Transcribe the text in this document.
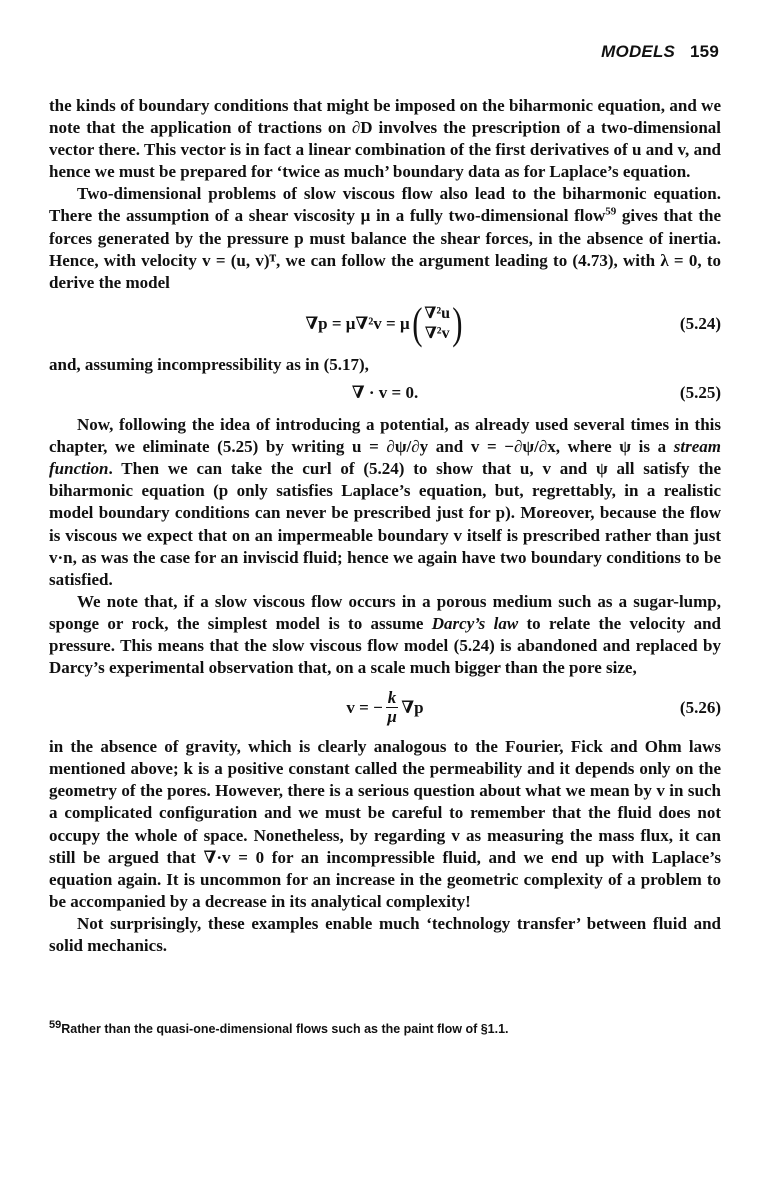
MODELS 159

the kinds of boundary conditions that might be imposed on the biharmonic equation, and we note that the application of tractions on ∂D involves the prescription of a two-dimensional vector there. This vector is in fact a linear combination of the first derivatives of u and v, and hence we must be prepared for ‘twice as much’ boundary data as for Laplace’s equation.

Two-dimensional problems of slow viscous flow also lead to the biharmonic equation. There the assumption of a shear viscosity μ in a fully two-dimensional flow$^{59}$ gives that the forces generated by the pressure p must balance the shear forces, in the absence of inertia. Hence, with velocity v = (u, v)ᵀ, we can follow the argument leading to (4.73), with λ = 0, to derive the model

∇p = μ∇²v = μ ( ∇²u
∇²v )	(5.24)

and, assuming incompressibility as in (5.17),

∇ · v = 0.	(5.25)

Now, following the idea of introducing a potential, as already used several times in this chapter, we eliminate (5.25) by writing u = ∂ψ/∂y and v = −∂ψ/∂x, where ψ is a stream function. Then we can take the curl of (5.24) to show that u, v and ψ all satisfy the biharmonic equation (p only satisfies Laplace’s equation, but, regrettably, in a realistic model boundary conditions can never be prescribed just for p). Moreover, because the flow is viscous we expect that on an impermeable boundary v itself is prescribed rather than just v·n, as was the case for an inviscid fluid; hence we again have two boundary conditions to be satisfied.

We note that, if a slow viscous flow occurs in a porous medium such as a sugar-lump, sponge or rock, the simplest model is to assume Darcy’s law to relate the velocity and pressure. This means that the slow viscous flow model (5.24) is abandoned and replaced by Darcy’s experimental observation that, on a scale much bigger than the pore size,

v = − $\frac{k}{\mu} \nabla p$	(5.26)

in the absence of gravity, which is clearly analogous to the Fourier, Fick and Ohm laws mentioned above; k is a positive constant called the permeability and it depends only on the geometry of the pores. However, there is a serious question about what we mean by v in such a complicated configuration and we must be careful to remember that the fluid does not occupy the whole of space. Nonetheless, by regarding v as measuring the mass flux, it can still be argued that ∇·v = 0 for an incompressible fluid, and we end up with Laplace’s equation again. It is uncommon for an increase in the geometric complexity of a problem to be accompanied by a decrease in its analytical complexity!

Not surprisingly, these examples enable much ‘technology transfer’ between fluid and solid mechanics.

$^{59}$Rather than the quasi-one-dimensional flows such as the paint flow of §1.1.
